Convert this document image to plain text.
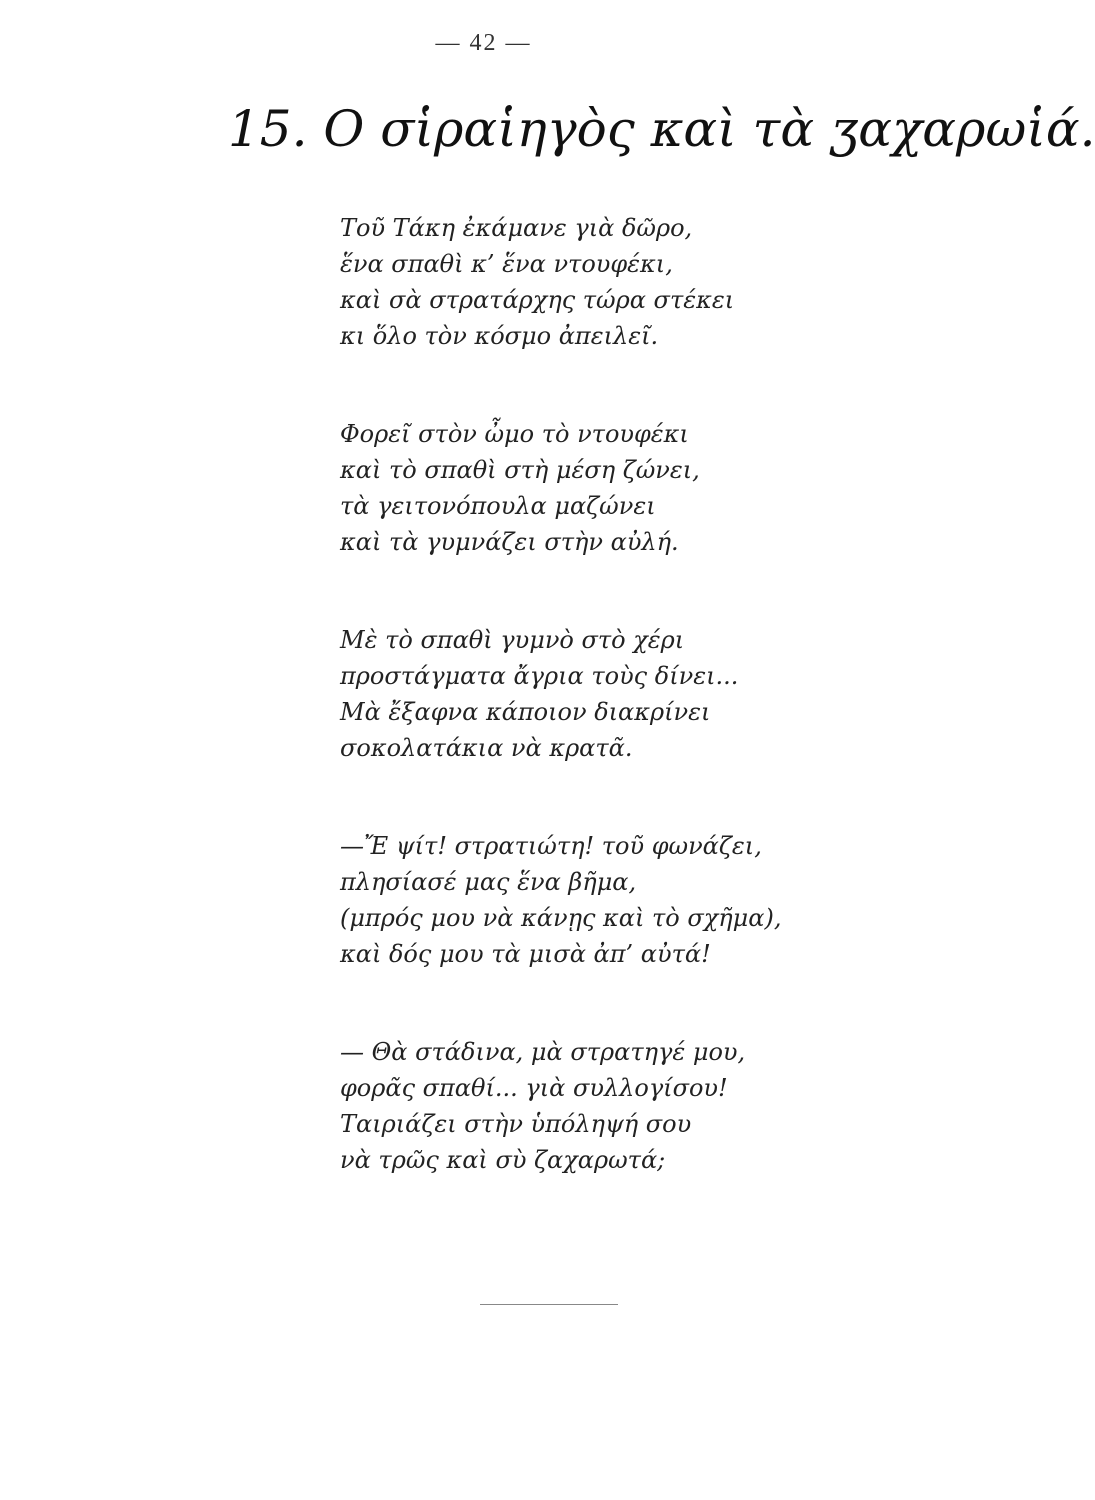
— 42 —
15. Ο σἱραἱηγὸς καὶ τὰ ʒαχαρωἱά.
Τοῦ Τάκη ἐκάμανε γιὰ δῶρο,
ἕνα σπαθὶ κ’ ἕνα ντουφέκι,
καὶ σὰ στρατάρχης τώρα στέκει
κι ὅλο τὸν κόσμο ἀπειλεῖ.
Φορεῖ στὸν ὦμο τὸ ντουφέκι
καὶ τὸ σπαθὶ στὴ μέση ζώνει,
τὰ γειτονόπουλα μαζώνει
καὶ τὰ γυμνάζει στὴν αὐλή.
Μὲ τὸ σπαθὶ γυμνὸ στὸ χέρι
προστάγματα ἄγρια τοὺς δίνει...
Μὰ ἔξαφνα κάποιον διακρίνει
σοκολατάκια νὰ κρατᾶ.
—Ἔ ψίτ! στρατιώτη! τοῦ φωνάζει,
πλησίασέ μας ἕνα βῆμα,
(μπρός μου νὰ κάνῃς καὶ τὸ σχῆμα),
καὶ δός μου τὰ μισὰ ἀπ’ αὐτά!
— Θὰ στάδινα, μὰ στρατηγέ μου,
φορᾶς σπαθί... γιὰ συλλογίσου!
Ταιριάζει στὴν ὑπόληψή σου
νὰ τρῶς καὶ σὺ ζαχαρωτά;
